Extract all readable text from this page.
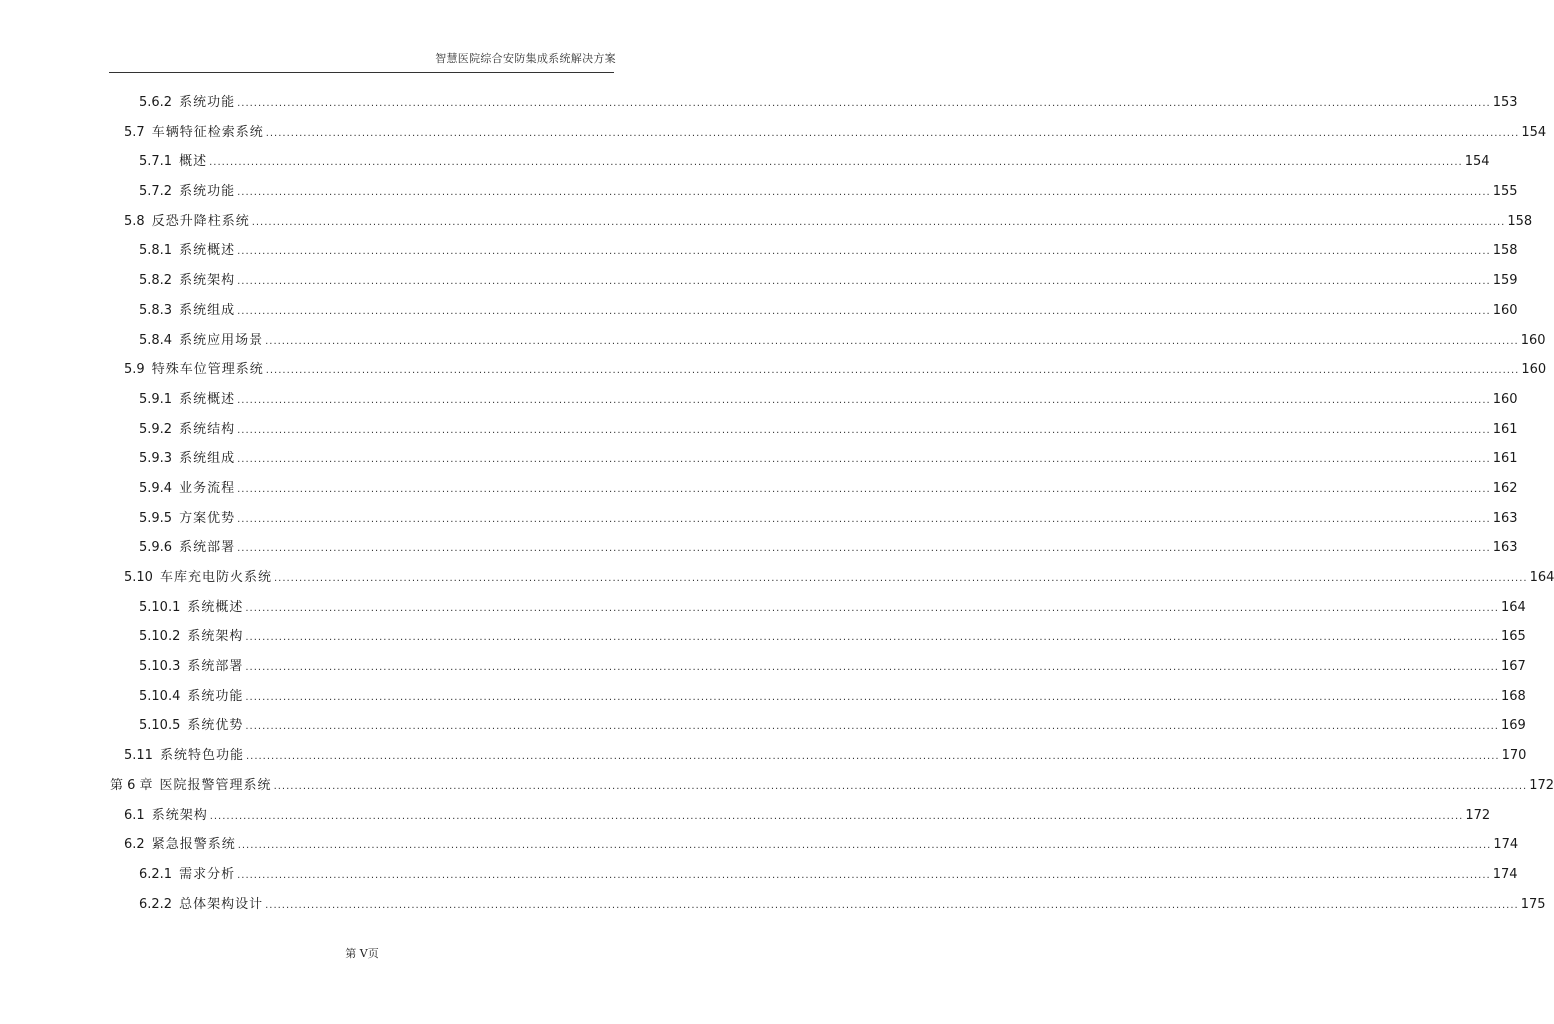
智慧医院综合安防集成系统解决方案
5.6.2 系统功能 ............................................................................................................................................................................................................................................................................................................ 153
5.7 车辆特征检索系统 ............................................................................................................................................................................................................................................................................................................ 154
5.7.1 概述 ............................................................................................................................................................................................................................................................................................................ 154
5.7.2 系统功能 ............................................................................................................................................................................................................................................................................................................ 155
5.8 反恐升降柱系统 ............................................................................................................................................................................................................................................................................................................ 158
5.8.1 系统概述 ............................................................................................................................................................................................................................................................................................................ 158
5.8.2 系统架构 ............................................................................................................................................................................................................................................................................................................ 159
5.8.3 系统组成 ............................................................................................................................................................................................................................................................................................................ 160
5.8.4 系统应用场景 ............................................................................................................................................................................................................................................................................................................ 160
5.9 特殊车位管理系统 ............................................................................................................................................................................................................................................................................................................ 160
5.9.1 系统概述 ............................................................................................................................................................................................................................................................................................................ 160
5.9.2 系统结构 ............................................................................................................................................................................................................................................................................................................ 161
5.9.3 系统组成 ............................................................................................................................................................................................................................................................................................................ 161
5.9.4 业务流程 ............................................................................................................................................................................................................................................................................................................ 162
5.9.5 方案优势 ............................................................................................................................................................................................................................................................................................................ 163
5.9.6 系统部署 ............................................................................................................................................................................................................................................................................................................ 163
5.10 车库充电防火系统 ............................................................................................................................................................................................................................................................................................................ 164
5.10.1 系统概述 ............................................................................................................................................................................................................................................................................................................ 164
5.10.2 系统架构 ............................................................................................................................................................................................................................................................................................................ 165
5.10.3 系统部署 ............................................................................................................................................................................................................................................................................................................ 167
5.10.4 系统功能 ............................................................................................................................................................................................................................................................................................................ 168
5.10.5 系统优势 ............................................................................................................................................................................................................................................................................................................ 169
5.11 系统特色功能 ............................................................................................................................................................................................................................................................................................................ 170
第 6 章 医院报警管理系统 ............................................................................................................................................................................................................................................................................................................ 172
6.1 系统架构 ............................................................................................................................................................................................................................................................................................................ 172
6.2 紧急报警系统 ............................................................................................................................................................................................................................................................................................................ 174
6.2.1 需求分析 ............................................................................................................................................................................................................................................................................................................ 174
6.2.2 总体架构设计 ............................................................................................................................................................................................................................................................................................................ 175
第 V页
